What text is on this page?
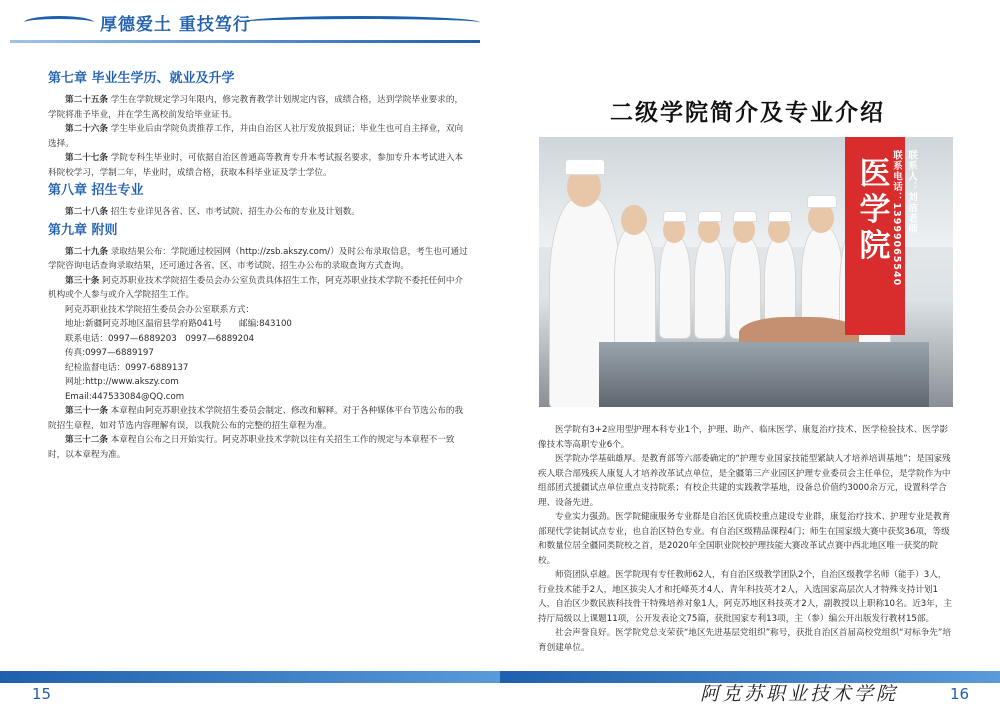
厚德爱土 重技笃行
第七章 毕业生学历、就业及升学

第二十五条 学生在学院规定学习年限内，修完教育教学计划规定内容，成绩合格，达到学院毕业要求的，学院将准予毕业，并在学生离校前发给毕业证书。

第二十六条 学生毕业后由学院负责推荐工作，并由自治区人社厅发放报到证；毕业生也可自主择业，双向选择。

第二十七条 学院专科生毕业时，可依据自治区普通高等教育专升本考试报名要求，参加专升本考试进入本科院校学习，学制二年，毕业时，成绩合格，获取本科毕业证及学士学位。

第八章 招生专业

第二十八条 招生专业详见各省、区、市考试院、招生办公布的专业及计划数。

第九章 附则

第二十九条 录取结果公布：学院通过校园网（http://zsb.akszy.com/）及时公布录取信息，考生也可通过学院咨询电话查询录取结果，还可通过各省、区、市考试院、招生办公布的录取查询方式查询。

第三十条 阿克苏职业技术学院招生委员会办公室负责具体招生工作，阿克苏职业技术学院不委托任何中介机构或个人参与或介入学院招生工作。

阿克苏职业技术学院招生委员会办公室联系方式：

地址:新疆阿克苏地区温宿县学府路041号　　邮编:843100

联系电话：0997—6889203　0997—6889204

传真:0997—6889197

纪检监督电话：0997-6889137

网址:http://www.akszy.com

Email:447533084@QQ.com

第三十一条 本章程由阿克苏职业技术学院招生委员会制定、修改和解释。对于各种媒体平台节选公布的我院招生章程，如对节选内容理解有误，以我院公布的完整的招生章程为准。

第三十二条 本章程自公布之日开始实行。阿克苏职业技术学院以往有关招生工作的规定与本章程不一致时，以本章程为准。

二级学院简介及专业介绍
医学院 联系电话：13999065540 联系人：刘洁老师

医学院有3+2应用型护理本科专业1个，护理、助产、临床医学、康复治疗技术、医学检验技术、医学影像技术等高职专业6个。

医学院办学基础雄厚。是教育部等六部委确定的“护理专业国家技能型紧缺人才培养培训基地”；是国家残疾人联合部残疾人康复人才培养改革试点单位，是全疆第三产业园区护理专业委员会主任单位，是学院作为中组部团式援疆试点单位重点支持院系；有校企共建的实践教学基地，设备总价值约3000余万元，设置科学合理、设备先进。

专业实力强劲。医学院健康服务专业群是自治区优质校重点建设专业群，康复治疗技术、护理专业是教育部现代学徒制试点专业，也自治区特色专业。有自治区级精品课程4门；师生在国家级大赛中获奖36项，等级和数量位居全疆同类院校之首，是2020年全国职业院校护理技能大赛改革试点赛中西北地区唯一获奖的院校。

师资团队卓越。医学院现有专任教师62人，有自治区级教学团队2个，自治区级教学名师（能手）3人，行业技术能手2人，地区拔尖人才和托峰英才4人、青年科技英才2人，入选国家高层次人才特殊支持计划1人，自治区少数民族科技骨干特殊培养对象1人，阿克苏地区科技英才2人，副教授以上职称10名。近3年，主持厅局级以上课题11项，公开发表论文75篇，获批国家专利13项，主（参）编公开出版发行教材15部。

社会声誉良好。医学院党总支荣获“地区先进基层党组织”称号，获批自治区首届高校党组织“对标争先”培育创建单位。

15	阿克苏职业技术学院	16
